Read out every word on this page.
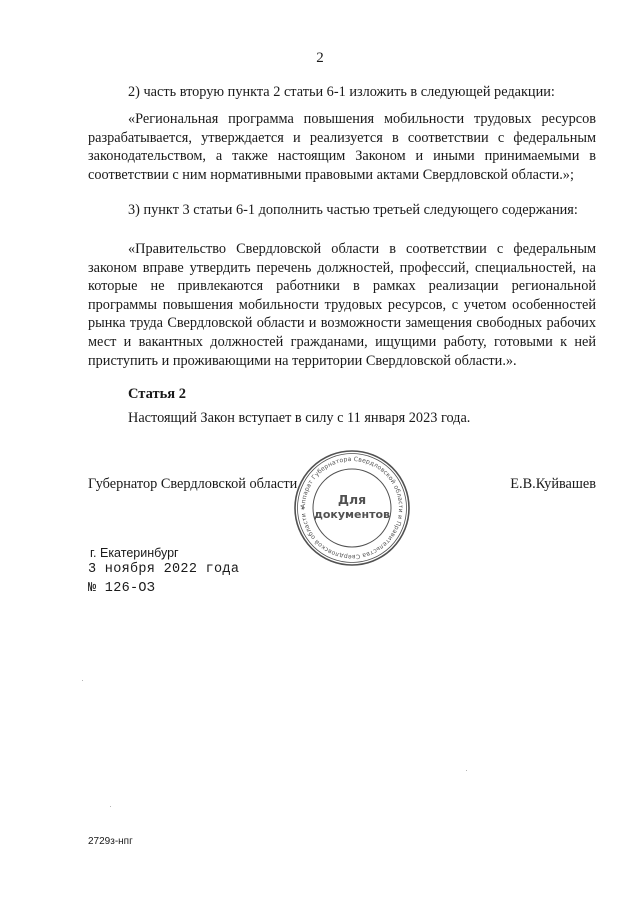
2

2) часть вторую пункта 2 статьи 6-1 изложить в следующей редакции:

«Региональная программа повышения мобильности трудовых ресурсов разрабатывается, утверждается и реализуется в соответствии с федеральным законодательством, а также настоящим Законом и иными принимаемыми в соответствии с ним нормативными правовыми актами Свердловской области.»;

3) пункт 3 статьи 6-1 дополнить частью третьей следующего содержания:

«Правительство Свердловской области в соответствии с федеральным законом вправе утвердить перечень должностей, профессий, специальностей, на которые не привлекаются работники в рамках реализации региональной программы повышения мобильности трудовых ресурсов, с учетом особенностей рынка труда Свердловской области и возможности замещения свободных рабочих мест и вакантных должностей гражданами, ищущими работу, готовыми к ней приступить и проживающими на территории Свердловской области.».

Статья 2

Настоящий Закон вступает в силу с 11 января 2023 года.

Губернатор Свердловской области	Е.В.Куйвашев
Аппарат Губернатора Свердловской области и Правительства Свердловской области ✶
Для
документов
г. Екатеринбург
3 ноября 2022 года
№ 126-ОЗ
2729з-нпг
